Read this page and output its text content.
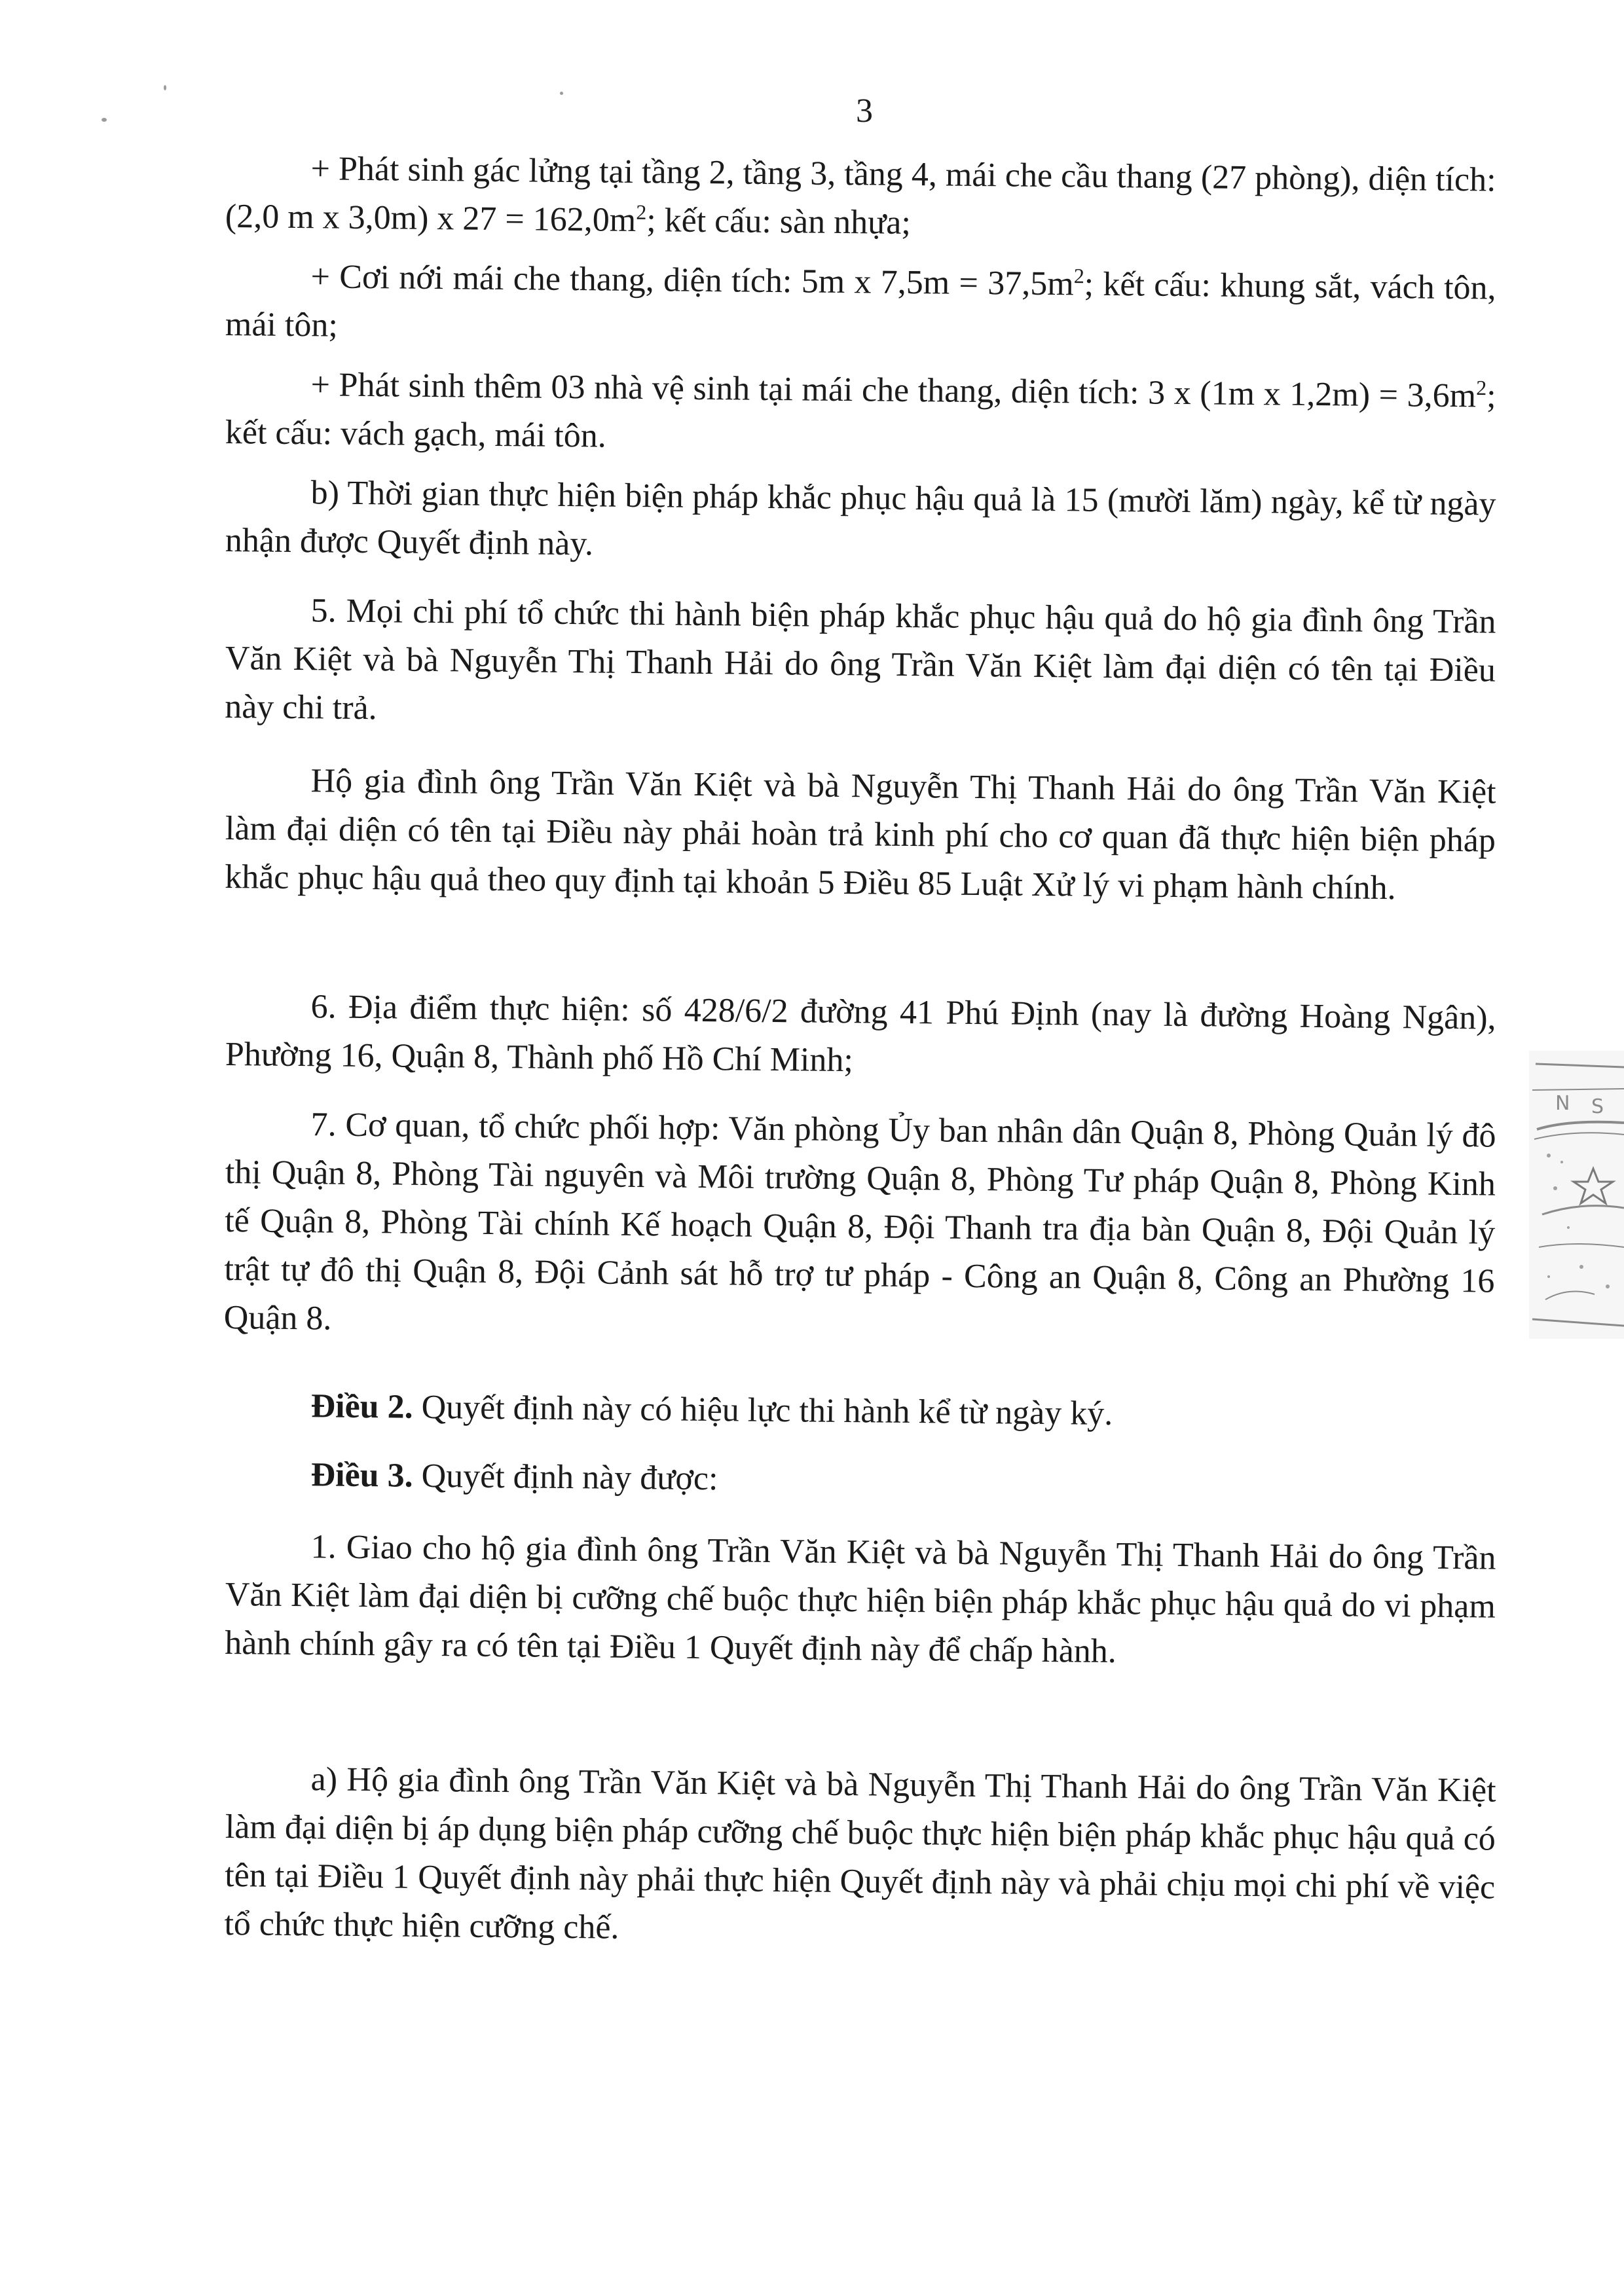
3
+ Phát sinh gác lửng tại tầng 2, tầng 3, tầng 4, mái che cầu thang (27 phòng), diện tích: (2,0 m x 3,0m) x $27 = 162,0m^2$; kết cấu: sàn nhựa;
+ Cơi nới mái che thang, diện tích: 5m x $7,5m = 37,5m^2$; kết cấu: khung sắt, vách tôn, mái tôn;
+ Phát sinh thêm 03 nhà vệ sinh tại mái che thang, diện tích: 3 x (1m x $1,2m) = 3,6m^2$; kết cấu: vách gạch, mái tôn.
b) Thời gian thực hiện biện pháp khắc phục hậu quả là 15 (mười lăm) ngày, kể từ ngày nhận được Quyết định này.
5. Mọi chi phí tổ chức thi hành biện pháp khắc phục hậu quả do hộ gia đình ông Trần Văn Kiệt và bà Nguyễn Thị Thanh Hải do ông Trần Văn Kiệt làm đại diện có tên tại Điều này chi trả.
Hộ gia đình ông Trần Văn Kiệt và bà Nguyễn Thị Thanh Hải do ông Trần Văn Kiệt làm đại diện có tên tại Điều này phải hoàn trả kinh phí cho cơ quan đã thực hiện biện pháp khắc phục hậu quả theo quy định tại khoản 5 Điều 85 Luật Xử lý vi phạm hành chính.
6. Địa điểm thực hiện: số 428/6/2 đường 41 Phú Định (nay là đường Hoàng Ngân), Phường 16, Quận 8, Thành phố Hồ Chí Minh;
7. Cơ quan, tổ chức phối hợp: Văn phòng Ủy ban nhân dân Quận 8, Phòng Quản lý đô thị Quận 8, Phòng Tài nguyên và Môi trường Quận 8, Phòng Tư pháp Quận 8, Phòng Kinh tế Quận 8, Phòng Tài chính Kế hoạch Quận 8, Đội Thanh tra địa bàn Quận 8, Đội Quản lý trật tự đô thị Quận 8, Đội Cảnh sát hỗ trợ tư pháp - Công an Quận 8, Công an Phường 16 Quận 8.
Điều 2. Quyết định này có hiệu lực thi hành kể từ ngày ký.
Điều 3. Quyết định này được:
1. Giao cho hộ gia đình ông Trần Văn Kiệt và bà Nguyễn Thị Thanh Hải do ông Trần Văn Kiệt làm đại diện bị cưỡng chế buộc thực hiện biện pháp khắc phục hậu quả do vi phạm hành chính gây ra có tên tại Điều 1 Quyết định này để chấp hành.
a) Hộ gia đình ông Trần Văn Kiệt và bà Nguyễn Thị Thanh Hải do ông Trần Văn Kiệt làm đại diện bị áp dụng biện pháp cưỡng chế buộc thực hiện biện pháp khắc phục hậu quả có tên tại Điều 1 Quyết định này phải thực hiện Quyết định này và phải chịu mọi chi phí về việc tổ chức thực hiện cưỡng chế.
N S
